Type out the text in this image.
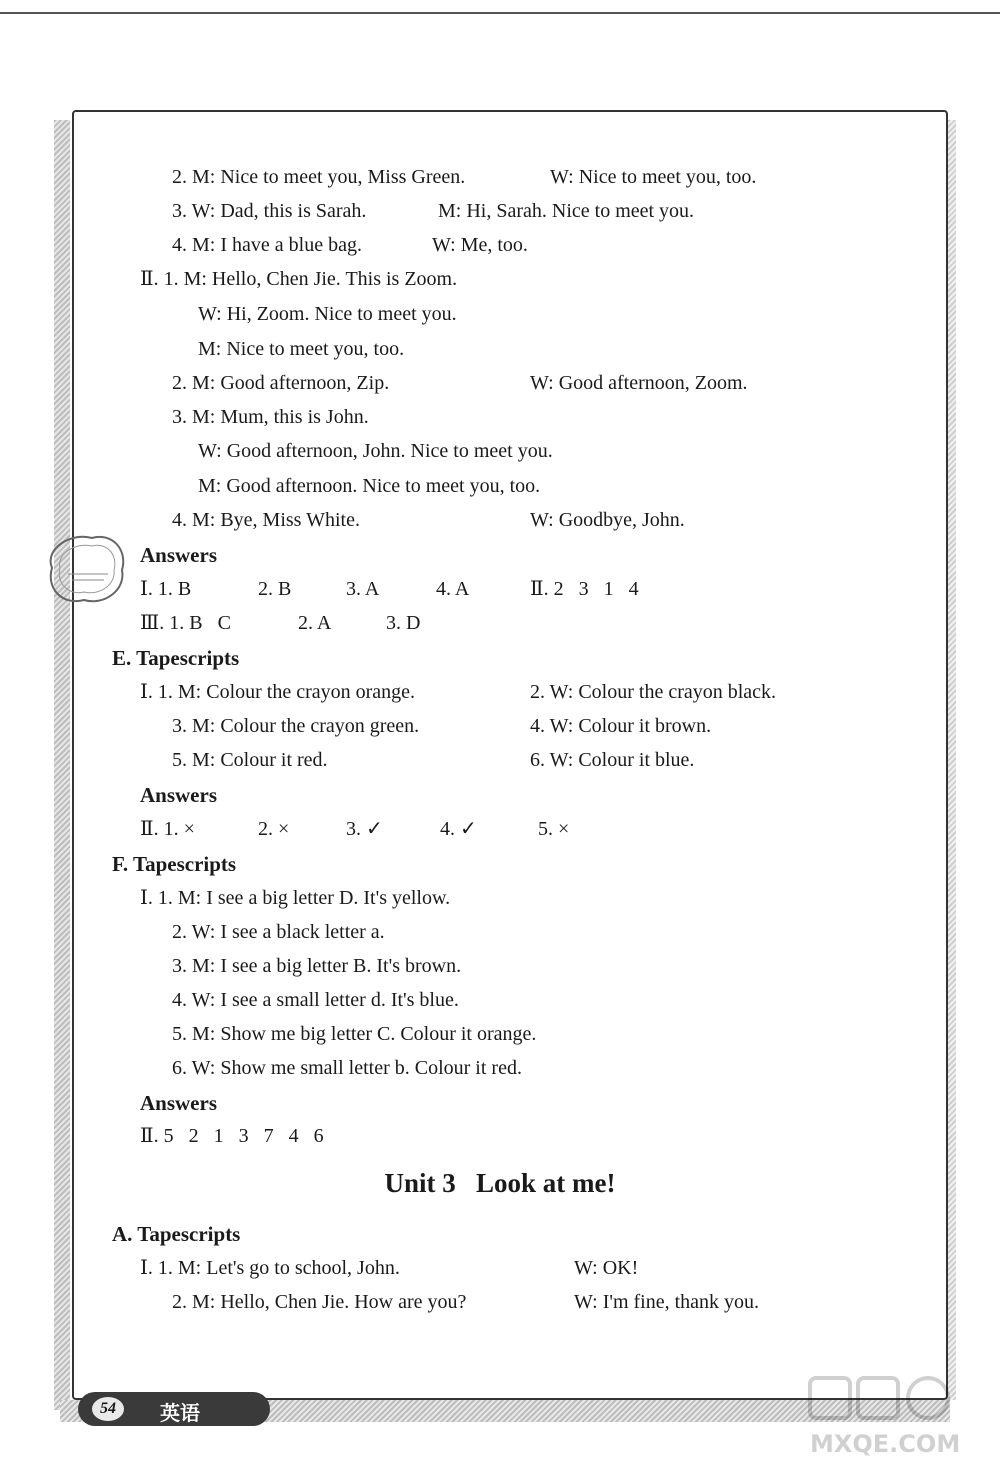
2. M: Nice to meet you, Miss Green.	W: Nice to meet you, too.
3. W: Dad, this is Sarah.	M: Hi, Sarah. Nice to meet you.
4. M: I have a blue bag.	W: Me, too.
Ⅱ. 1. M: Hello, Chen Jie. This is Zoom.
W: Hi, Zoom. Nice to meet you.
M: Nice to meet you, too.
2. M: Good afternoon, Zip.	W: Good afternoon, Zoom.
3. M: Mum, this is John.
W: Good afternoon, John. Nice to meet you.
M: Good afternoon. Nice to meet you, too.
4. M: Bye, Miss White.	W: Goodbye, John.
Answers
Ⅰ. 1. B	2. B	3. A	4. A	Ⅱ. 2   3   1   4
Ⅲ. 1. B   C	2. A	3. D
E. Tapescripts
Ⅰ. 1. M: Colour the crayon orange.	2. W: Colour the crayon black.
3. M: Colour the crayon green.	4. W: Colour it brown.
5. M: Colour it red.	6. W: Colour it blue.
Answers
Ⅱ. 1. ×	2. ×	3. ✓	4. ✓	5. ×
F. Tapescripts
Ⅰ. 1. M: I see a big letter D. It's yellow.
2. W: I see a black letter a.
3. M: I see a big letter B. It's brown.
4. W: I see a small letter d. It's blue.
5. M: Show me big letter C. Colour it orange.
6. W: Show me small letter b. Colour it red.
Answers
Ⅱ. 5   2   1   3   7   4   6
Unit 3   Look at me!
A. Tapescripts
Ⅰ. 1. M: Let's go to school, John.	W: OK!
2. M: Hello, Chen Jie. How are you?	W: I'm fine, thank you.
54	英语
MXQE.COM
